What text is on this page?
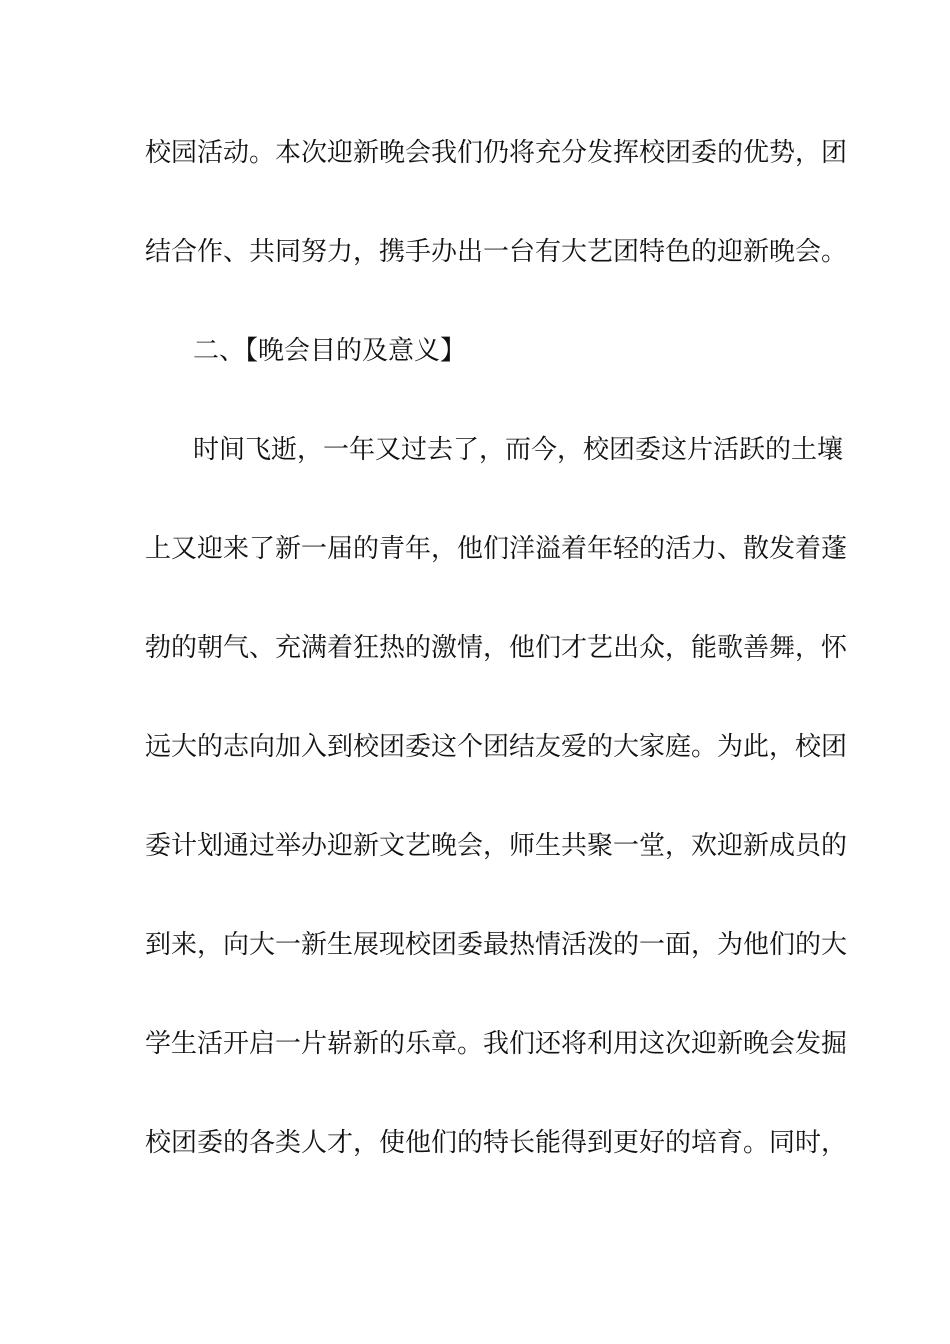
校园活动。本次迎新晚会我们仍将充分发挥校团委的优势，团
结合作、共同努力，携手办出一台有大艺团特色的迎新晚会。
二、【晚会目的及意义】
时间飞逝，一年又过去了，而今，校团委这片活跃的土壤
上又迎来了新一届的青年，他们洋溢着年轻的活力、散发着蓬
勃的朝气、充满着狂热的激情，他们才艺出众，能歌善舞，怀
远大的志向加入到校团委这个团结友爱的大家庭。为此，校团
委计划通过举办迎新文艺晚会，师生共聚一堂，欢迎新成员的
到来，向大一新生展现校团委最热情活泼的一面，为他们的大
学生活开启一片崭新的乐章。我们还将利用这次迎新晚会发掘
校团委的各类人才，使他们的特长能得到更好的培育。同时，
